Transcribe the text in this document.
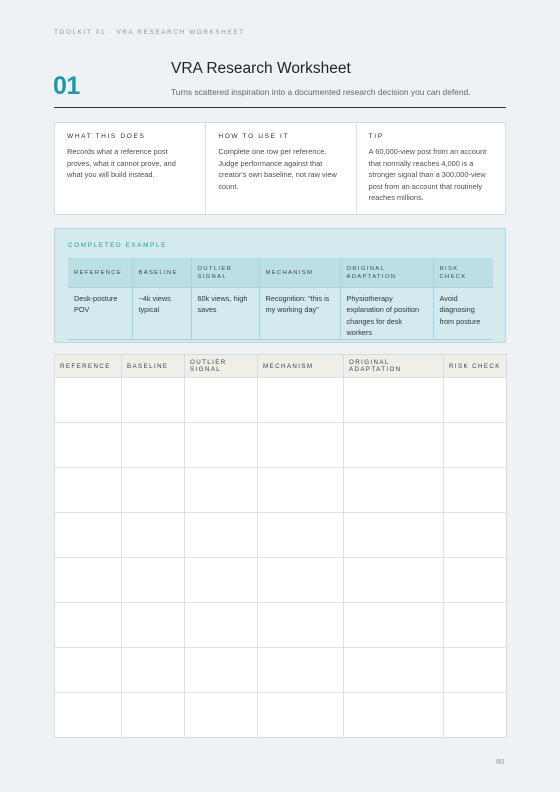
TOOLKIT 01 · VRA RESEARCH WORKSHEET
01
VRA Research Worksheet
Turns scattered inspiration into a documented research decision you can defend.
WHAT THIS DOES

Records what a reference post proves, what it cannot prove, and what you will build instead.

HOW TO USE IT

Complete one row per reference. Judge performance against that creator's own baseline, not raw view count.

TIP

A 60,000-view post from an account that normally reaches 4,000 is a stronger signal than a 300,000-view post from an account that routinely reaches millions.

COMPLETED EXAMPLE
REFERENCE	BASELINE	OUTLIER SIGNAL	MECHANISM	ORIGINAL ADAPTATION	RISK CHECK
Desk-posture POV	~4k views typical	60k views, high saves	Recognition: "this is my working day"	Physiotherapy explanation of position changes for desk workers	Avoid diagnosing from posture
REFERENCE	BASELINE	OUTLIER SIGNAL	MECHANISM	ORIGINAL ADAPTATION	RISK CHECK

80
